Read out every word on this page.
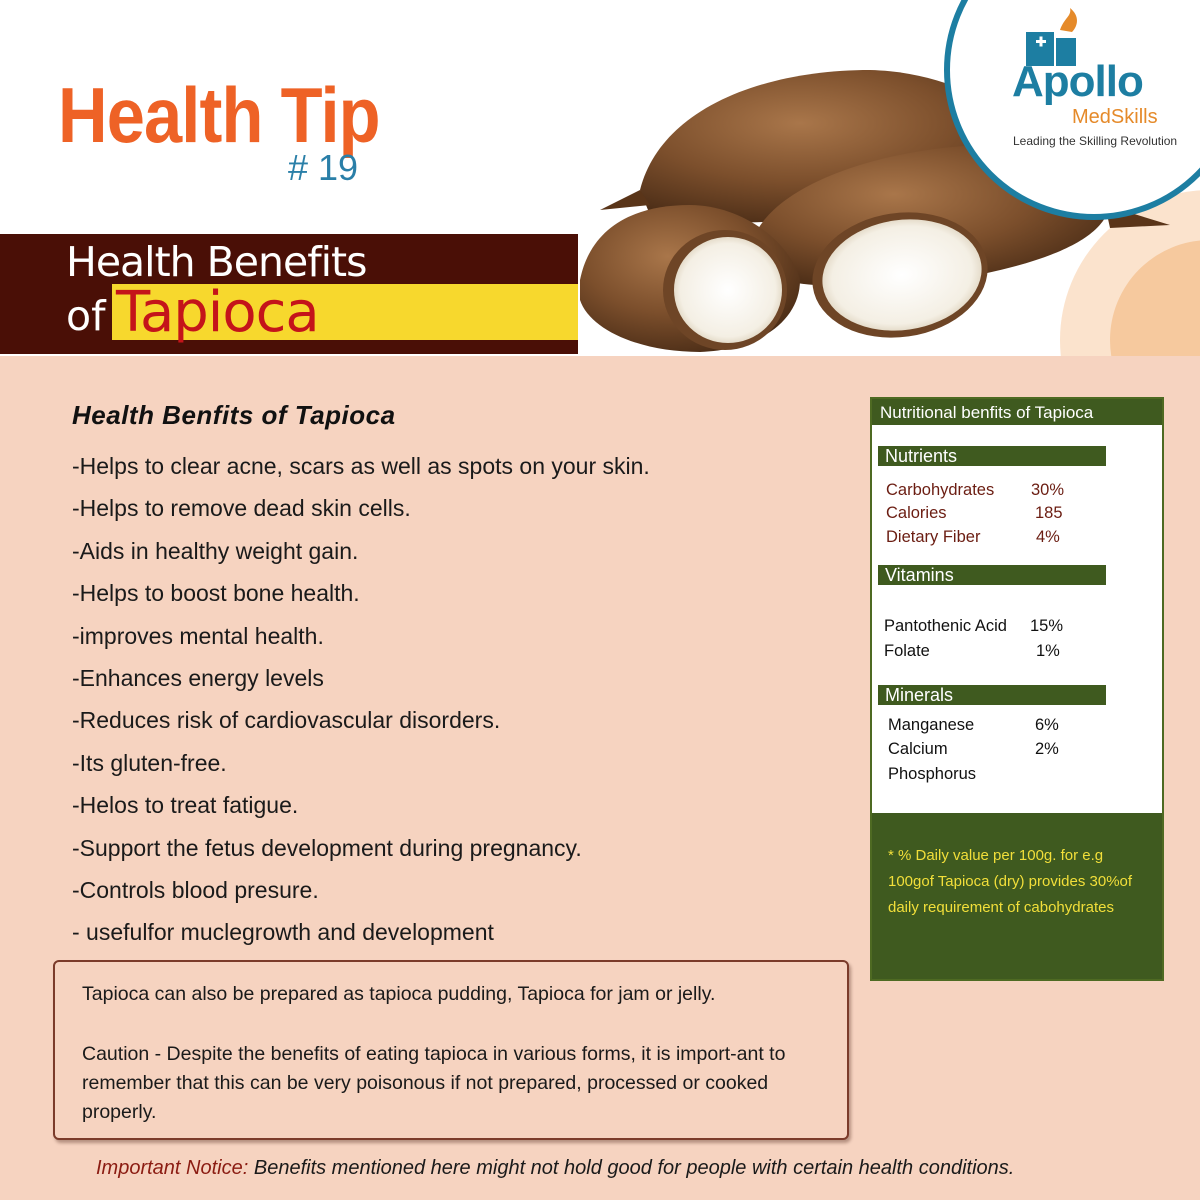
Apollo
MedSkills
Leading the Skilling Revolution
Health Tip
# 19
Health Benefits
of Tapioca
Health Benfits of Tapioca
-Helps to clear acne, scars as well as spots on your skin.
-Helps to remove dead skin cells.
-Aids in healthy weight gain.
-Helps to boost bone health.
-improves mental health.
-Enhances energy levels
-Reduces risk of cardiovascular disorders.
-Its gluten-free.
-Helos to treat fatigue.
-Support the fetus development during pregnancy.
-Controls blood presure.
- usefulfor muclegrowth and development
Tapioca can also be prepared as tapioca pudding, Tapioca for jam or jelly.
Caution - Despite the benefits of eating tapioca in various forms, it is import-ant to remember that this can be very poisonous if not prepared, processed or cooked properly.
Important Notice: Benefits mentioned here might not hold good for people with certain health conditions.
Nutritional benfits of Tapioca
Nutrients
Carbohydrates 30%
Calories	185
Dietary Fiber	4%
Vitamins
Pantothenic Acid 15%
Folate	1%
Minerals
Manganese	6%
Calcium	2%
Phosphorus
* % Daily value per 100g. for e.g 100gof Tapioca (dry) provides 30%of daily requirement of cabohydrates
